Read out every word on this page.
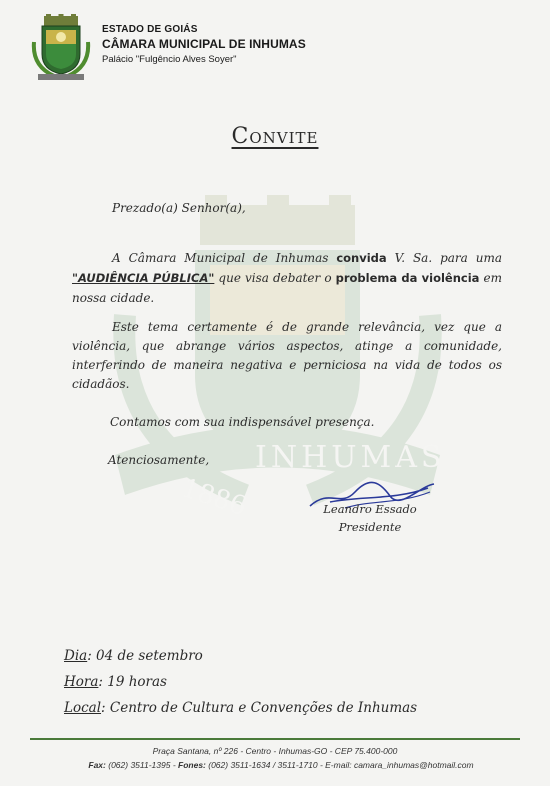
ESTADO DE GOIÁS
CÂMARA MUNICIPAL DE INHUMAS
Palácio "Fulgêncio Alves Soyer"
1886
INHUMAS
Convite
Prezado(a) Senhor(a),
A Câmara Municipal de Inhumas convida V. Sa. para uma "AUDIÊNCIA PÚBLICA" que visa debater o problema da violência em nossa cidade.
Este tema certamente é de grande relevância, vez que a violência, que abrange vários aspectos, atinge a comunidade, interferindo de maneira negativa e perniciosa na vida de todos os cidadãos.
Contamos com sua indispensável presença.
Atenciosamente,
Leandro Essado
Presidente
Dia: 04 de setembro
Hora: 19 horas
Local: Centro de Cultura e Convenções de Inhumas
Praça Santana, nº 226 - Centro - Inhumas-GO - CEP 75.400-000
Fax: (062) 3511-1395 - Fones: (062) 3511-1634 / 3511-1710 - E-mail: camara_inhumas@hotmail.com
